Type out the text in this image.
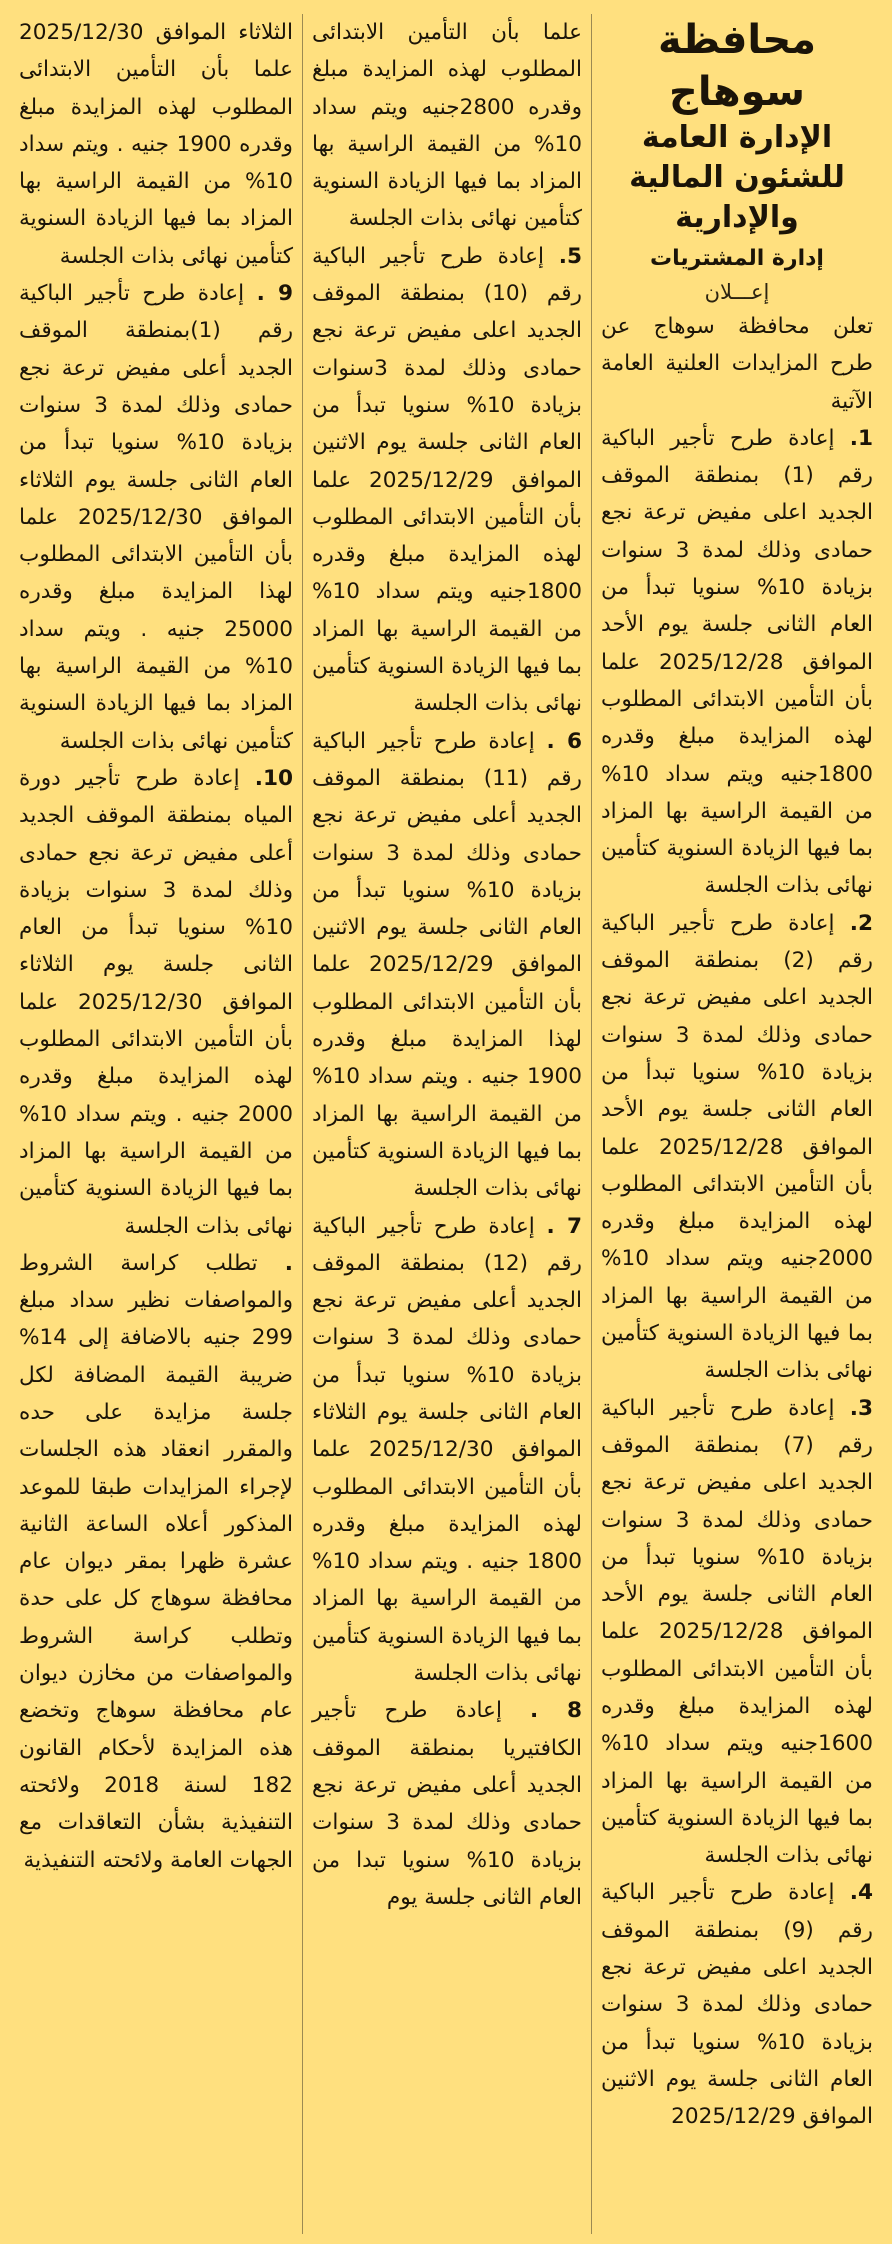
محافظة سوهاج
الإدارة العامة للشئون المالية والإدارية
إدارة المشتريات
إعـــلان

تعلن محافظة سوهاج عن طرح المزايدات العلنية العامة الآتية

1. إعادة طرح تأجير الباكية رقم (1) بمنطقة الموقف الجديد اعلى مفيض ترعة نجع حمادى وذلك لمدة 3 سنوات بزيادة 10% سنويا تبدأ من العام الثانى جلسة يوم الأحد الموافق 2025/12/28 علما بأن التأمين الابتدائى المطلوب لهذه المزايدة مبلغ وقدره 1800جنيه ويتم سداد 10% من القيمة الراسية بها المزاد بما فيها الزيادة السنوية كتأمين نهائى بذات الجلسة

2. إعادة طرح تأجير الباكية رقم (2) بمنطقة الموقف الجديد اعلى مفيض ترعة نجع حمادى وذلك لمدة 3 سنوات بزيادة 10% سنويا تبدأ من العام الثانى جلسة يوم الأحد الموافق 2025/12/28 علما بأن التأمين الابتدائى المطلوب لهذه المزايدة مبلغ وقدره 2000جنيه ويتم سداد 10% من القيمة الراسية بها المزاد بما فيها الزيادة السنوية كتأمين نهائى بذات الجلسة

3. إعادة طرح تأجير الباكية رقم (7) بمنطقة الموقف الجديد اعلى مفيض ترعة نجع حمادى وذلك لمدة 3 سنوات بزيادة 10% سنويا تبدأ من العام الثانى جلسة يوم الأحد الموافق 2025/12/28 علما بأن التأمين الابتدائى المطلوب لهذه المزايدة مبلغ وقدره 1600جنيه ويتم سداد 10% من القيمة الراسية بها المزاد بما فيها الزيادة السنوية كتأمين نهائى بذات الجلسة

4. إعادة طرح تأجير الباكية رقم (9) بمنطقة الموقف الجديد اعلى مفيض ترعة نجع حمادى وذلك لمدة 3 سنوات بزيادة 10% سنويا تبدأ من العام الثانى جلسة يوم الاثنين الموافق 2025/12/29

علما بأن التأمين الابتدائى المطلوب لهذه المزايدة مبلغ وقدره 2800جنيه ويتم سداد 10% من القيمة الراسية بها المزاد بما فيها الزيادة السنوية كتأمين نهائى بذات الجلسة

5. إعادة طرح تأجير الباكية رقم (10) بمنطقة الموقف الجديد اعلى مفيض ترعة نجع حمادى وذلك لمدة 3سنوات بزيادة 10% سنويا تبدأ من العام الثانى جلسة يوم الاثنين الموافق 2025/12/29 علما بأن التأمين الابتدائى المطلوب لهذه المزايدة مبلغ وقدره 1800جنيه ويتم سداد 10% من القيمة الراسية بها المزاد بما فيها الزيادة السنوية كتأمين نهائى بذات الجلسة

6 . إعادة طرح تأجير الباكية رقم (11) بمنطقة الموقف الجديد أعلى مفيض ترعة نجع حمادى وذلك لمدة 3 سنوات بزيادة 10% سنويا تبدأ من العام الثانى جلسة يوم الاثنين الموافق 2025/12/29 علما بأن التأمين الابتدائى المطلوب لهذا المزايدة مبلغ وقدره 1900 جنيه . ويتم سداد 10% من القيمة الراسية بها المزاد بما فيها الزيادة السنوية كتأمين نهائى بذات الجلسة

7 . إعادة طرح تأجير الباكية رقم (12) بمنطقة الموقف الجديد أعلى مفيض ترعة نجع حمادى وذلك لمدة 3 سنوات بزيادة 10% سنويا تبدأ من العام الثانى جلسة يوم الثلاثاء الموافق 2025/12/30 علما بأن التأمين الابتدائى المطلوب لهذه المزايدة مبلغ وقدره 1800 جنيه . ويتم سداد 10% من القيمة الراسية بها المزاد بما فيها الزيادة السنوية كتأمين نهائى بذات الجلسة

8 . إعادة طرح تأجير الكافتيريا بمنطقة الموقف الجديد أعلى مفيض ترعة نجع حمادى وذلك لمدة 3 سنوات بزيادة 10% سنويا تبدا من العام الثانى جلسة يوم

الثلاثاء الموافق 2025/12/30 علما بأن التأمين الابتدائى المطلوب لهذه المزايدة مبلغ وقدره 1900 جنيه . ويتم سداد 10% من القيمة الراسية بها المزاد بما فيها الزيادة السنوية كتأمين نهائى بذات الجلسة

9 . إعادة طرح تأجير الباكية رقم (1)بمنطقة الموقف الجديد أعلى مفيض ترعة نجع حمادى وذلك لمدة 3 سنوات بزيادة 10% سنويا تبدأ من العام الثانى جلسة يوم الثلاثاء الموافق 2025/12/30 علما بأن التأمين الابتدائى المطلوب لهذا المزايدة مبلغ وقدره 25000 جنيه . ويتم سداد 10% من القيمة الراسية بها المزاد بما فيها الزيادة السنوية كتأمين نهائى بذات الجلسة

10. إعادة طرح تأجير دورة المياه بمنطقة الموقف الجديد أعلى مفيض ترعة نجع حمادى وذلك لمدة 3 سنوات بزيادة 10% سنويا تبدأ من العام الثانى جلسة يوم الثلاثاء الموافق 2025/12/30 علما بأن التأمين الابتدائى المطلوب لهذه المزايدة مبلغ وقدره 2000 جنيه . ويتم سداد 10% من القيمة الراسية بها المزاد بما فيها الزيادة السنوية كتأمين نهائى بذات الجلسة

. تطلب كراسة الشروط والمواصفات نظير سداد مبلغ 299 جنيه بالاضافة إلى 14% ضريبة القيمة المضافة لكل جلسة مزايدة على حده والمقرر انعقاد هذه الجلسات لإجراء المزايدات طبقا للموعد المذكور أعلاه الساعة الثانية عشرة ظهرا بمقر ديوان عام محافظة سوهاج كل على حدة وتطلب كراسة الشروط والمواصفات من مخازن ديوان عام محافظة سوهاج وتخضع هذه المزايدة لأحكام القانون 182 لسنة 2018 ولائحته التنفيذية بشأن التعاقدات مع الجهات العامة ولائحته التنفيذية
